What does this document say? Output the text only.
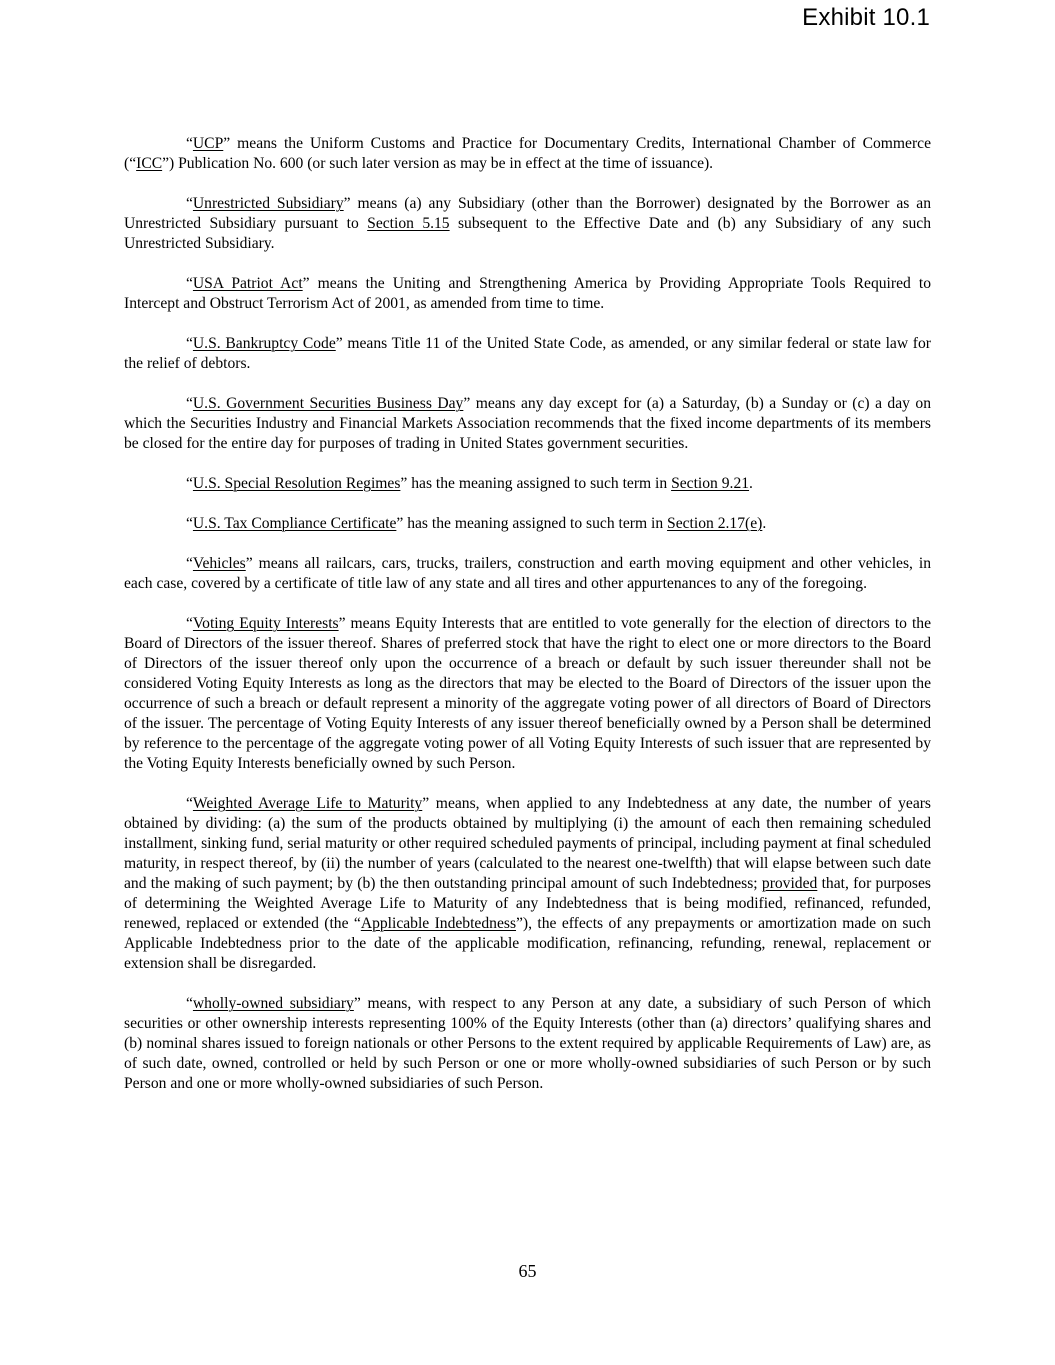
Exhibit 10.1

“UCP” means the Uniform Customs and Practice for Documentary Credits, International Chamber of Commerce (“ICC”) Publication No. 600 (or such later version as may be in effect at the time of issuance).

“Unrestricted Subsidiary” means (a) any Subsidiary (other than the Borrower) designated by the Borrower as an Unrestricted Subsidiary pursuant to Section 5.15 subsequent to the Effective Date and (b) any Subsidiary of any such Unrestricted Subsidiary.

“USA Patriot Act” means the Uniting and Strengthening America by Providing Appropriate Tools Required to Intercept and Obstruct Terrorism Act of 2001, as amended from time to time.

“U.S. Bankruptcy Code” means Title 11 of the United State Code, as amended, or any similar federal or state law for the relief of debtors.

“U.S. Government Securities Business Day” means any day except for (a) a Saturday, (b) a Sunday or (c) a day on which the Securities Industry and Financial Markets Association recommends that the fixed income departments of its members be closed for the entire day for purposes of trading in United States government securities.

“U.S. Special Resolution Regimes” has the meaning assigned to such term in Section 9.21.

“U.S. Tax Compliance Certificate” has the meaning assigned to such term in Section 2.17(e).

“Vehicles” means all railcars, cars, trucks, trailers, construction and earth moving equipment and other vehicles, in each case, covered by a certificate of title law of any state and all tires and other appurtenances to any of the foregoing.

“Voting Equity Interests” means Equity Interests that are entitled to vote generally for the election of directors to the Board of Directors of the issuer thereof. Shares of preferred stock that have the right to elect one or more directors to the Board of Directors of the issuer thereof only upon the occurrence of a breach or default by such issuer thereunder shall not be considered Voting Equity Interests as long as the directors that may be elected to the Board of Directors of the issuer upon the occurrence of such a breach or default represent a minority of the aggregate voting power of all directors of Board of Directors of the issuer. The percentage of Voting Equity Interests of any issuer thereof beneficially owned by a Person shall be determined by reference to the percentage of the aggregate voting power of all Voting Equity Interests of such issuer that are represented by the Voting Equity Interests beneficially owned by such Person.

“Weighted Average Life to Maturity” means, when applied to any Indebtedness at any date, the number of years obtained by dividing: (a) the sum of the products obtained by multiplying (i) the amount of each then remaining scheduled installment, sinking fund, serial maturity or other required scheduled payments of principal, including payment at final scheduled maturity, in respect thereof, by (ii) the number of years (calculated to the nearest one-twelfth) that will elapse between such date and the making of such payment; by (b) the then outstanding principal amount of such Indebtedness; provided that, for purposes of determining the Weighted Average Life to Maturity of any Indebtedness that is being modified, refinanced, refunded, renewed, replaced or extended (the “Applicable Indebtedness”), the effects of any prepayments or amortization made on such Applicable Indebtedness prior to the date of the applicable modification, refinancing, refunding, renewal, replacement or extension shall be disregarded.

“wholly-owned subsidiary” means, with respect to any Person at any date, a subsidiary of such Person of which securities or other ownership interests representing 100% of the Equity Interests (other than (a) directors’ qualifying shares and (b) nominal shares issued to foreign nationals or other Persons to the extent required by applicable Requirements of Law) are, as of such date, owned, controlled or held by such Person or one or more wholly-owned subsidiaries of such Person or by such Person and one or more wholly-owned subsidiaries of such Person.

65
